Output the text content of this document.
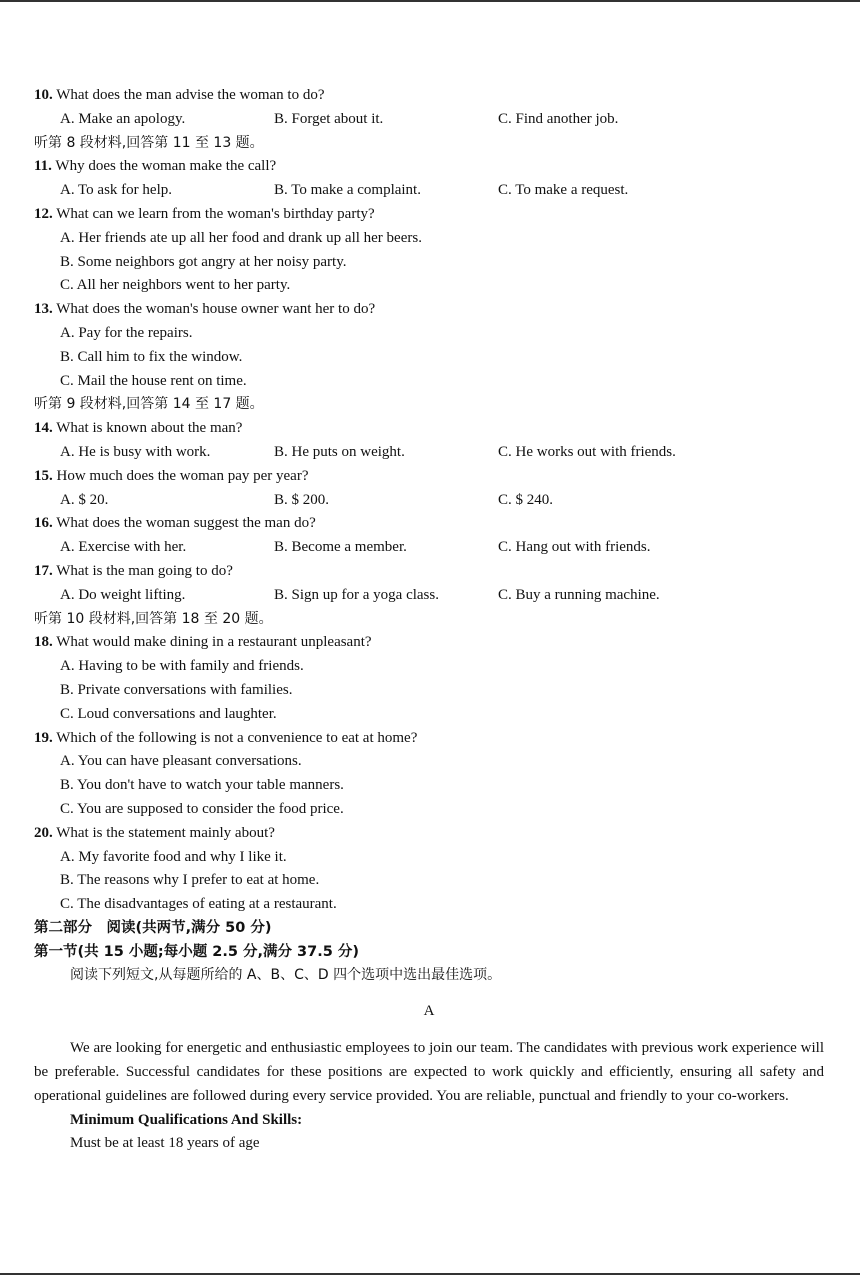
10. What does the man advise the woman to do?
A. Make an apology.	B. Forget about it.	C. Find another job.
听第 8 段材料,回答第 11 至 13 题。
11. Why does the woman make the call?
A. To ask for help.	B. To make a complaint.	C. To make a request.
12. What can we learn from the woman's birthday party?
A. Her friends ate up all her food and drank up all her beers.
B. Some neighbors got angry at her noisy party.
C. All her neighbors went to her party.
13. What does the woman's house owner want her to do?
A. Pay for the repairs.
B. Call him to fix the window.
C. Mail the house rent on time.
听第 9 段材料,回答第 14 至 17 题。
14. What is known about the man?
A. He is busy with work.	B. He puts on weight.	C. He works out with friends.
15. How much does the woman pay per year?
A. $ 20.	B. $ 200.	C. $ 240.
16. What does the woman suggest the man do?
A. Exercise with her.	B. Become a member.	C. Hang out with friends.
17. What is the man going to do?
A. Do weight lifting.	B. Sign up for a yoga class.	C. Buy a running machine.
听第 10 段材料,回答第 18 至 20 题。
18. What would make dining in a restaurant unpleasant?
A. Having to be with family and friends.
B. Private conversations with families.
C. Loud conversations and laughter.
19. Which of the following is not a convenience to eat at home?
A. You can have pleasant conversations.
B. You don't have to watch your table manners.
C. You are supposed to consider the food price.
20. What is the statement mainly about?
A. My favorite food and why I like it.
B. The reasons why I prefer to eat at home.
C. The disadvantages of eating at a restaurant.
第二部分　阅读(共两节,满分 50 分)
第一节(共 15 小题;每小题 2.5 分,满分 37.5 分)
阅读下列短文,从每题所给的 A、B、C、D 四个选项中选出最佳选项。
A
We are looking for energetic and enthusiastic employees to join our team. The candidates with previous work experience will be preferable. Successful candidates for these positions are expected to work quickly and efficiently, ensuring all safety and operational guidelines are followed during every service provided. You are reliable, punctual and friendly to your co-workers.
Minimum Qualifications And Skills:
Must be at least 18 years of age
